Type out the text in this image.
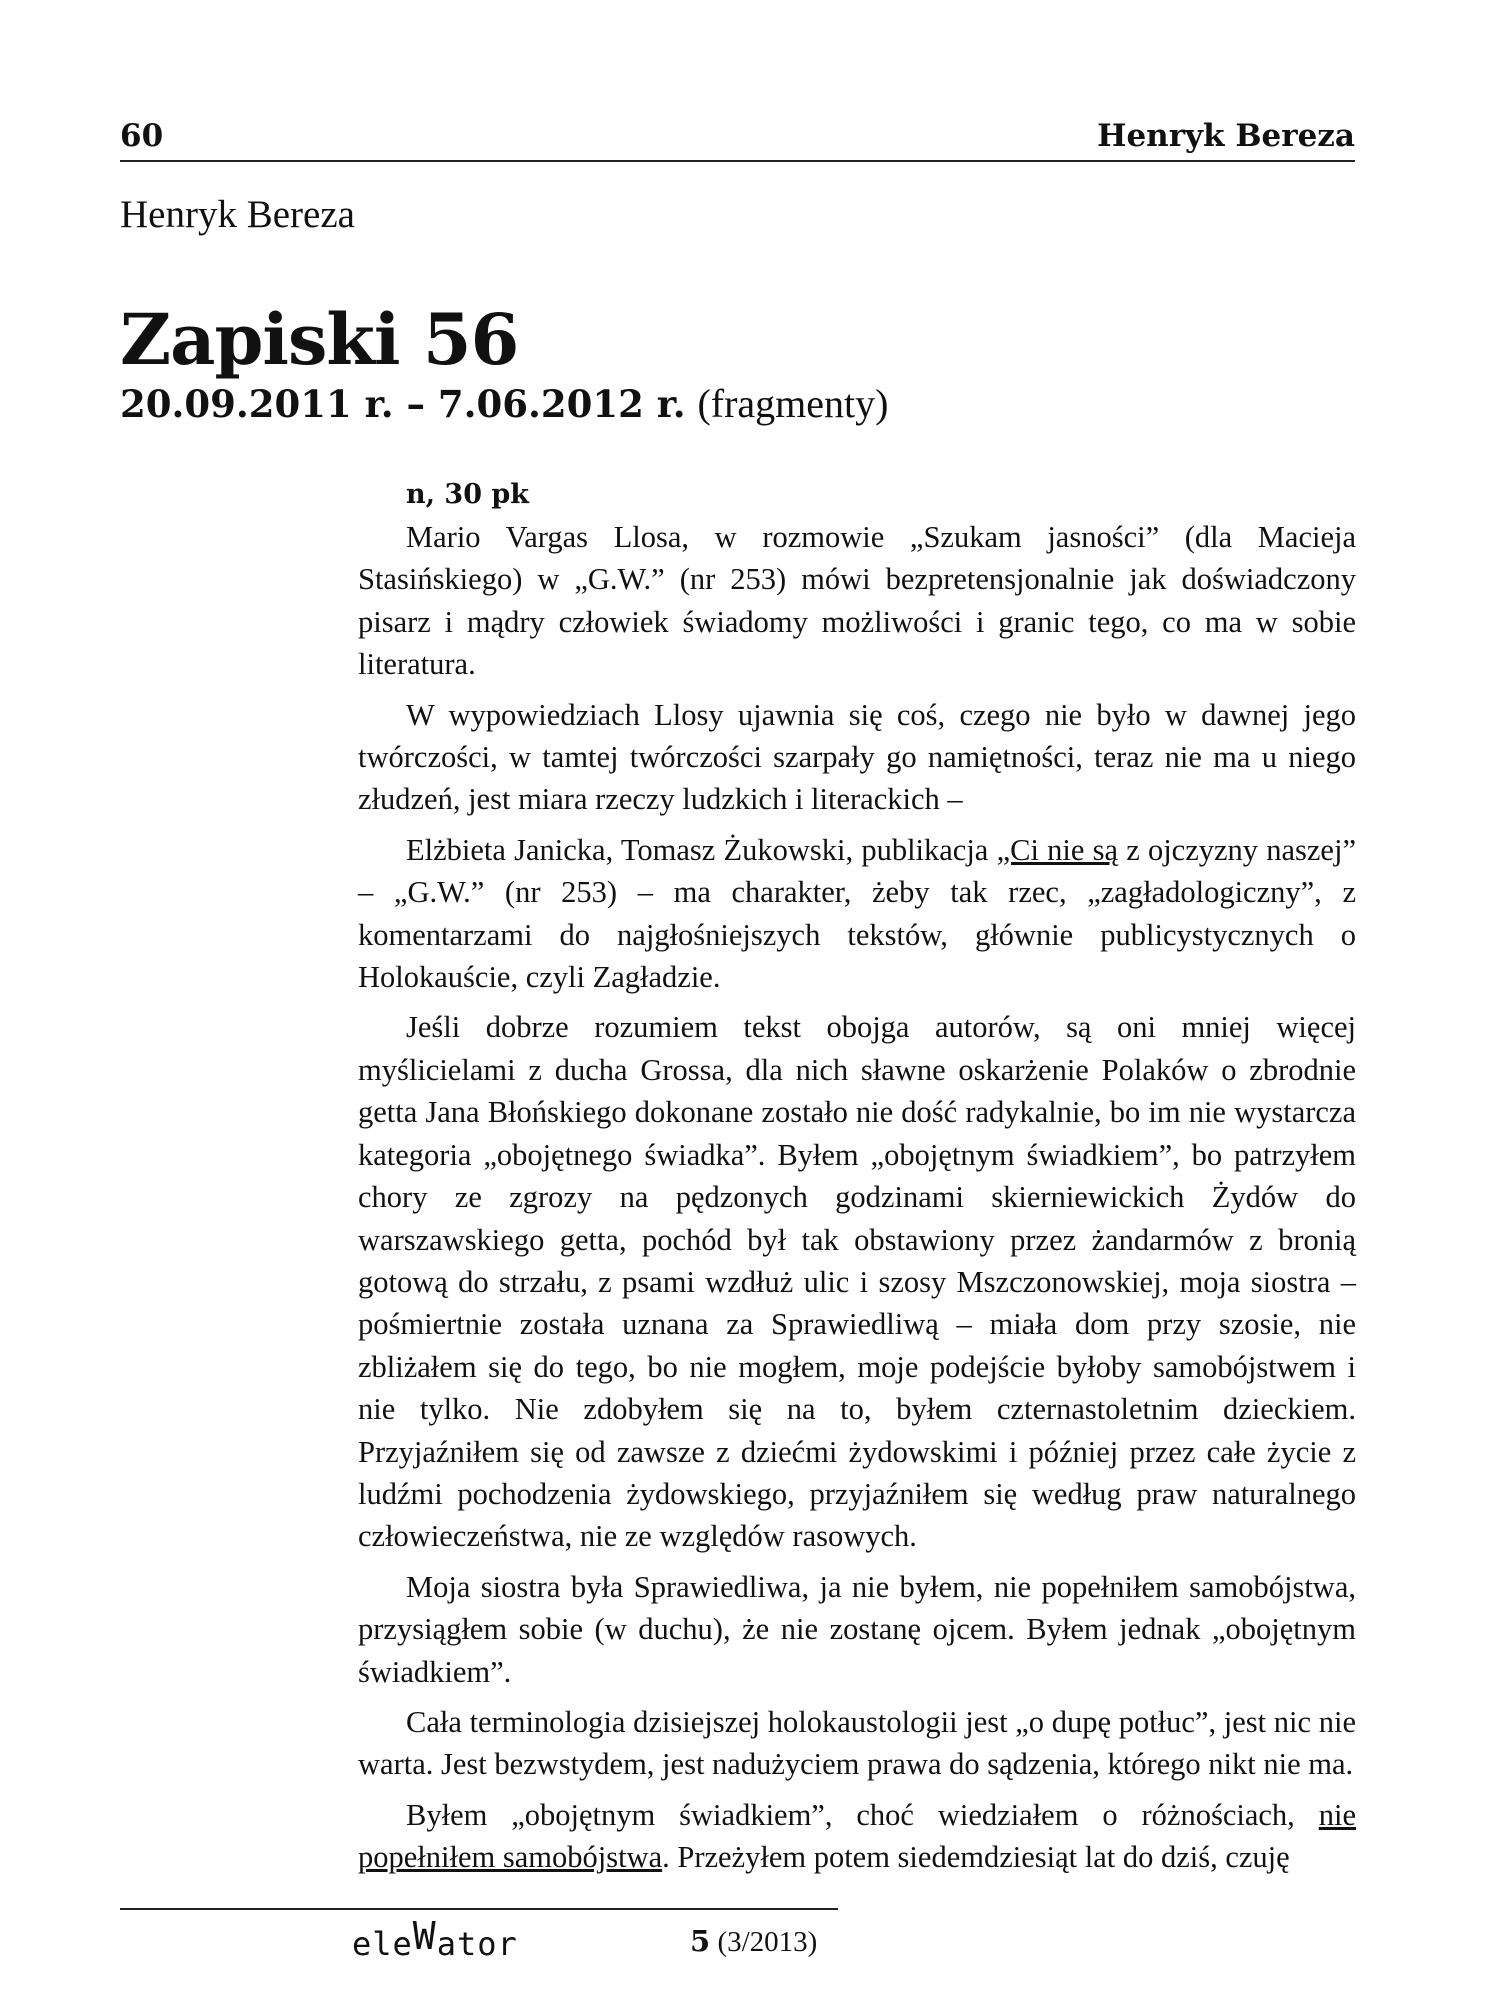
60	Henryk Bereza
Henryk Bereza
Zapiski 56
20.09.2011 r. – 7.06.2012 r. (fragmenty)
n, 30 pk

Mario Vargas Llosa, w rozmowie „Szukam jasności” (dla Macieja Stasińskiego) w „G.W.” (nr 253) mówi bezpretensjonalnie jak doświadczony pisarz i mądry człowiek świadomy możliwości i granic tego, co ma w sobie literatura.

W wypowiedziach Llosy ujawnia się coś, czego nie było w dawnej jego twórczości, w tamtej twórczości szarpały go namiętności, teraz nie ma u niego złudzeń, jest miara rzeczy ludzkich i literackich –

Elżbieta Janicka, Tomasz Żukowski, publikacja „Ci nie są z ojczyzny naszej” – „G.W.” (nr 253) – ma charakter, żeby tak rzec, „zagładologiczny”, z komentarzami do najgłośniejszych tekstów, głównie publicystycznych o Holokauście, czyli Zagładzie.

Jeśli dobrze rozumiem tekst obojga autorów, są oni mniej więcej myślicielami z ducha Grossa, dla nich sławne oskarżenie Polaków o zbrodnie getta Jana Błońskiego dokonane zostało nie dość radykalnie, bo im nie wystarcza kategoria „obojętnego świadka”. Byłem „obojętnym świadkiem”, bo patrzyłem chory ze zgrozy na pędzonych godzinami skierniewickich Żydów do warszawskiego getta, pochód był tak obstawiony przez żandarmów z bronią gotową do strzału, z psami wzdłuż ulic i szosy Mszczonowskiej, moja siostra – pośmiertnie została uznana za Sprawiedliwą – miała dom przy szosie, nie zbliżałem się do tego, bo nie mogłem, moje podejście byłoby samobójstwem i nie tylko. Nie zdobyłem się na to, byłem czternastoletnim dzieckiem. Przyjaźniłem się od zawsze z dziećmi żydowskimi i później przez całe życie z ludźmi pochodzenia żydowskiego, przyjaźniłem się według praw naturalnego człowieczeństwa, nie ze względów rasowych.

Moja siostra była Sprawiedliwa, ja nie byłem, nie popełniłem samobójstwa, przysiągłem sobie (w duchu), że nie zostanę ojcem. Byłem jednak „obojętnym świadkiem”.

Cała terminologia dzisiejszej holokaustologii jest „o dupę potłuc”, jest nic nie warta. Jest bezwstydem, jest nadużyciem prawa do sądzenia, którego nikt nie ma.

Byłem „obojętnym świadkiem”, choć wiedziałem o różnościach, nie popełniłem samobójstwa. Przeżyłem potem siedemdziesiąt lat do dziś, czuję

eleWator	5 (3/2013)
